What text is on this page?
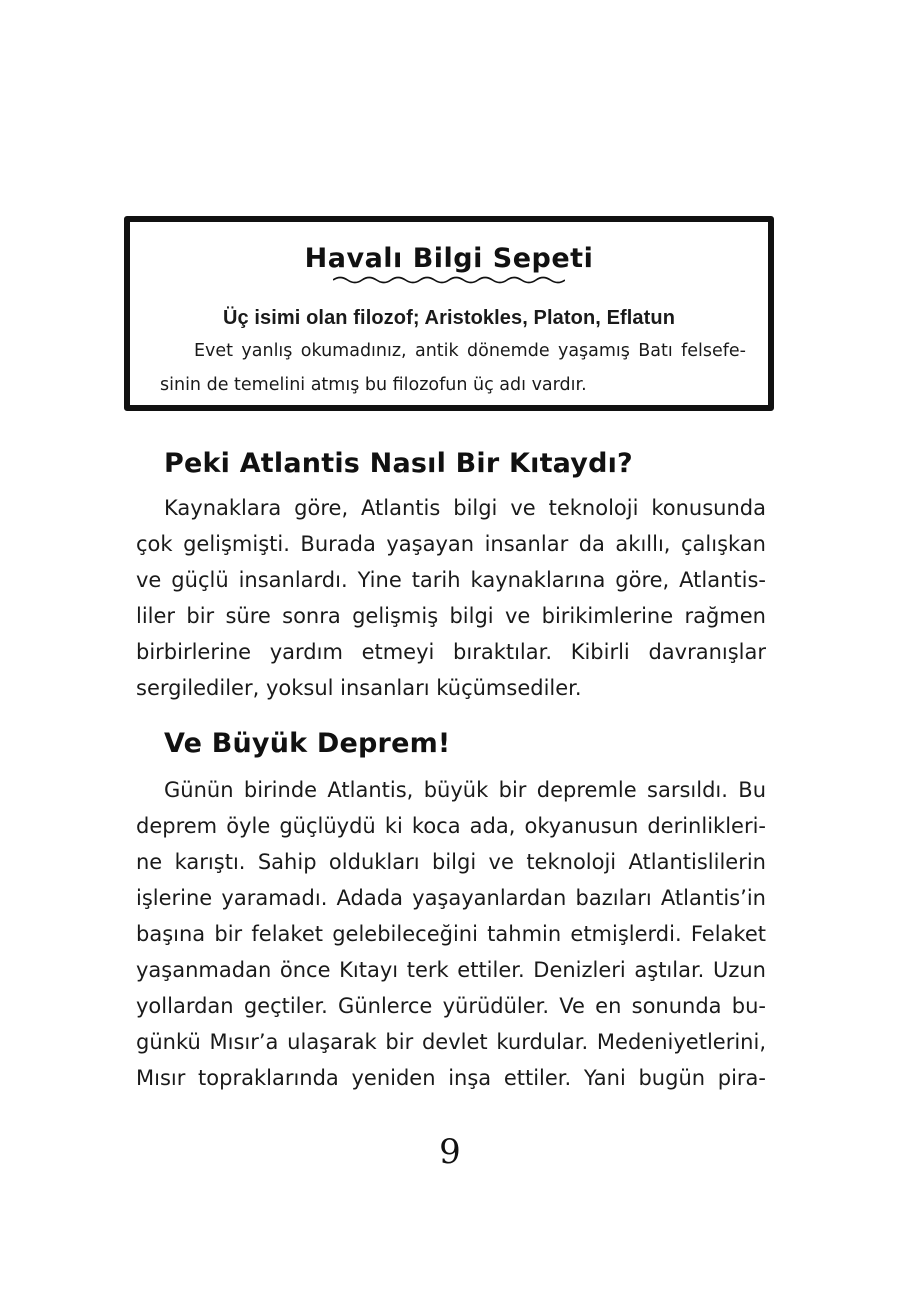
Havalı Bilgi Sepeti
Üç isimi olan filozof; Aristokles, Platon, Eflatun
Evet yanlış okumadınız, antik dönemde yaşamış Batı felsefe-
sinin de temelini atmış bu filozofun üç adı vardır.
Peki Atlantis Nasıl Bir Kıtaydı?
Kaynaklara göre, Atlantis bilgi ve teknoloji konusunda
çok gelişmişti. Burada yaşayan insanlar da akıllı, çalışkan
ve güçlü insanlardı. Yine tarih kaynaklarına göre, Atlantis-
liler bir süre sonra gelişmiş bilgi ve birikimlerine rağmen
birbirlerine yardım etmeyi bıraktılar. Kibirli davranışlar
sergilediler, yoksul insanları küçümsediler.
Ve Büyük Deprem!
Günün birinde Atlantis, büyük bir depremle sarsıldı. Bu
deprem öyle güçlüydü ki koca ada, okyanusun derinlikleri-
ne karıştı. Sahip oldukları bilgi ve teknoloji Atlantislilerin
işlerine yaramadı. Adada yaşayanlardan bazıları Atlantis’in
başına bir felaket gelebileceğini tahmin etmişlerdi. Felaket
yaşanmadan önce Kıtayı terk ettiler. Denizleri aştılar. Uzun
yollardan geçtiler. Günlerce yürüdüler. Ve en sonunda bu-
günkü Mısır’a ulaşarak bir devlet kurdular. Medeniyetlerini,
Mısır topraklarında yeniden inşa ettiler. Yani bugün pira-
9
